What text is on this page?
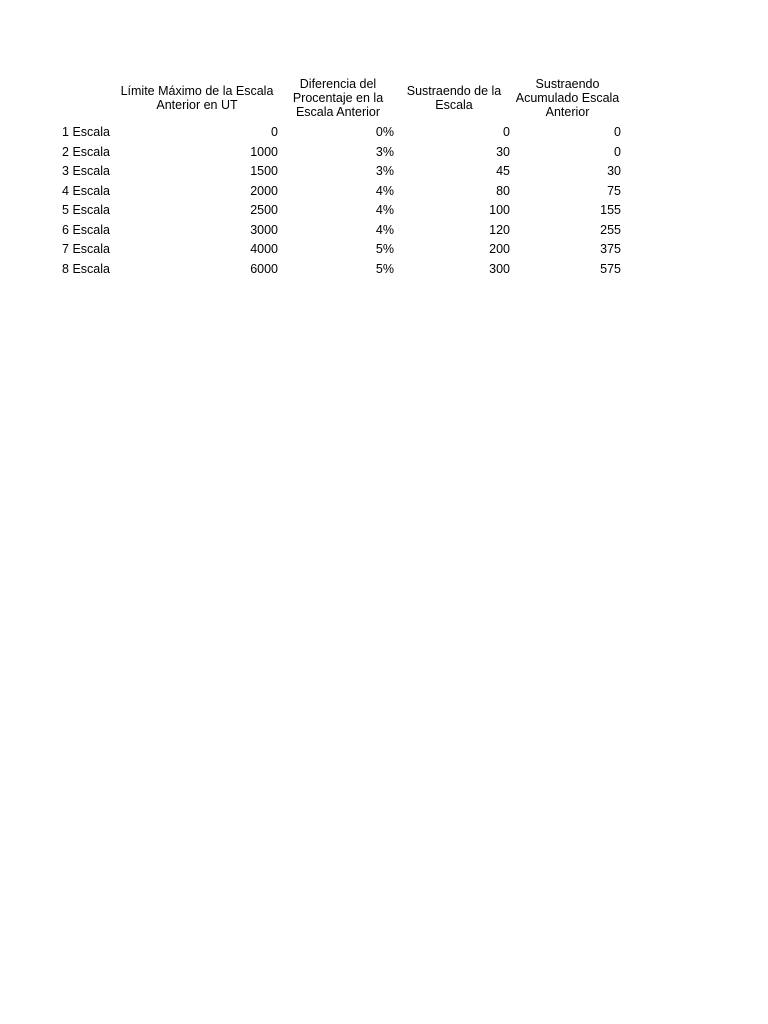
	Límite Máximo de la Escala Anterior en UT	Diferencia del Procentaje en la Escala Anterior	Sustraendo de la Escala	Sustraendo Acumulado Escala Anterior
1 Escala	0	0%	0	0
2 Escala	1000	3%	30	0
3 Escala	1500	3%	45	30
4 Escala	2000	4%	80	75
5 Escala	2500	4%	100	155
6 Escala	3000	4%	120	255
7 Escala	4000	5%	200	375
8 Escala	6000	5%	300	575
